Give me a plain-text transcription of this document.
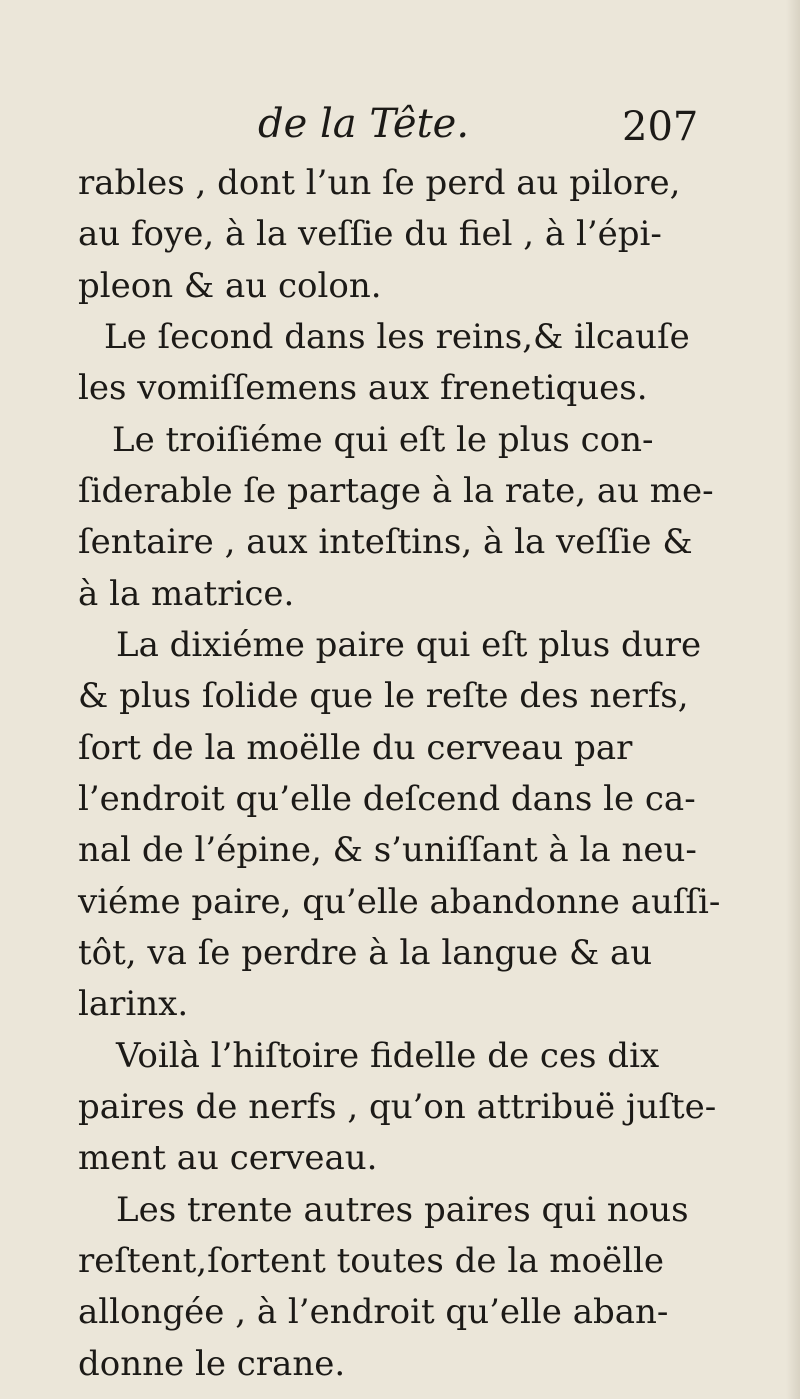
de la Tête.	207
rables , dont l’un ſe perd au pilore,
au foye, à la veſſie du fiel , à l’épi-
pleon & au colon.
Le ſecond dans les reins,& ilcauſe
les vomiſſemens aux frenetiques.
Le troiſiéme qui eſt le plus con-
ſiderable ſe partage à la rate, au me-
ſentaire , aux inteſtins, à la veſſie &
à la matrice.
La dixiéme paire qui eſt plus dure
& plus ſolide que le reſte des nerfs,
ſort de la moëlle du cerveau par
l’endroit qu’elle deſcend dans le ca-
nal de l’épine, & s’uniſſant à la neu-
viéme paire, qu’elle abandonne auſſi-
tôt, va ſe perdre à la langue & au
larinx.
Voilà l’hiſtoire fidelle de ces dix
paires de nerfs , qu’on attribuë juſte-
ment au cerveau.
Les trente autres paires qui nous
reſtent,ſortent toutes de la moëlle
allongée , à l’endroit qu’elle aban-
donne le crane.
